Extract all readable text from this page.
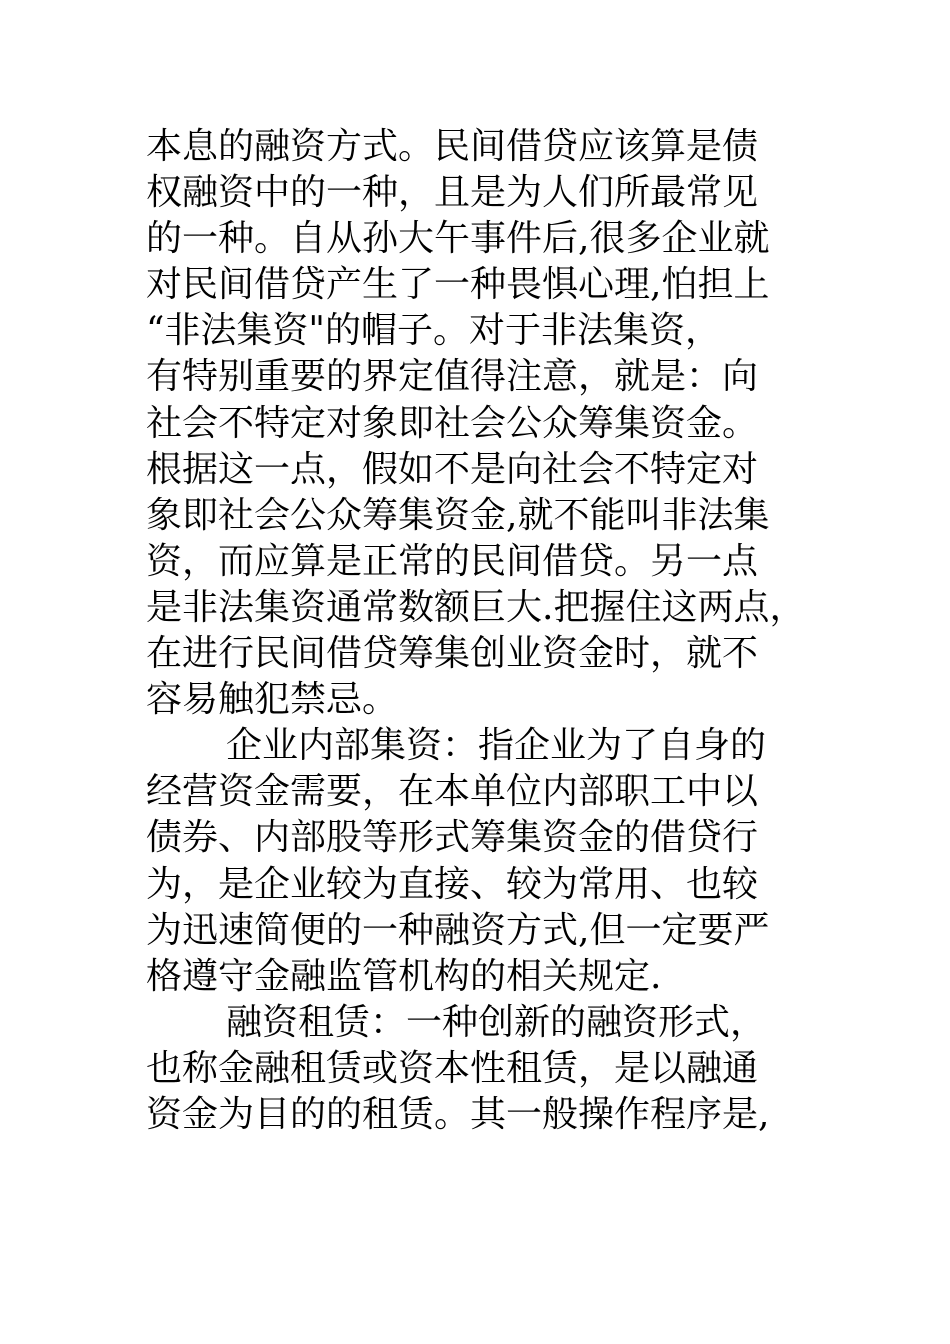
本息的融资方式。民间借贷应该算是债
权融资中的一种，且是为人们所最常见
的一种。自从孙大午事件后,很多企业就
对民间借贷产生了一种畏惧心理,怕担上
“非法集资"的帽子。对于非法集资，
有特别重要的界定值得注意，就是：向
社会不特定对象即社会公众筹集资金。
根据这一点，假如不是向社会不特定对
象即社会公众筹集资金,就不能叫非法集
资，而应算是正常的民间借贷。另一点
是非法集资通常数额巨大.把握住这两点，
在进行民间借贷筹集创业资金时，就不
容易触犯禁忌。
企业内部集资：指企业为了自身的
经营资金需要，在本单位内部职工中以
债券、内部股等形式筹集资金的借贷行
为，是企业较为直接、较为常用、也较
为迅速简便的一种融资方式,但一定要严
格遵守金融监管机构的相关规定.
融资租赁：一种创新的融资形式，
也称金融租赁或资本性租赁，是以融通
资金为目的的租赁。其一般操作程序是,
